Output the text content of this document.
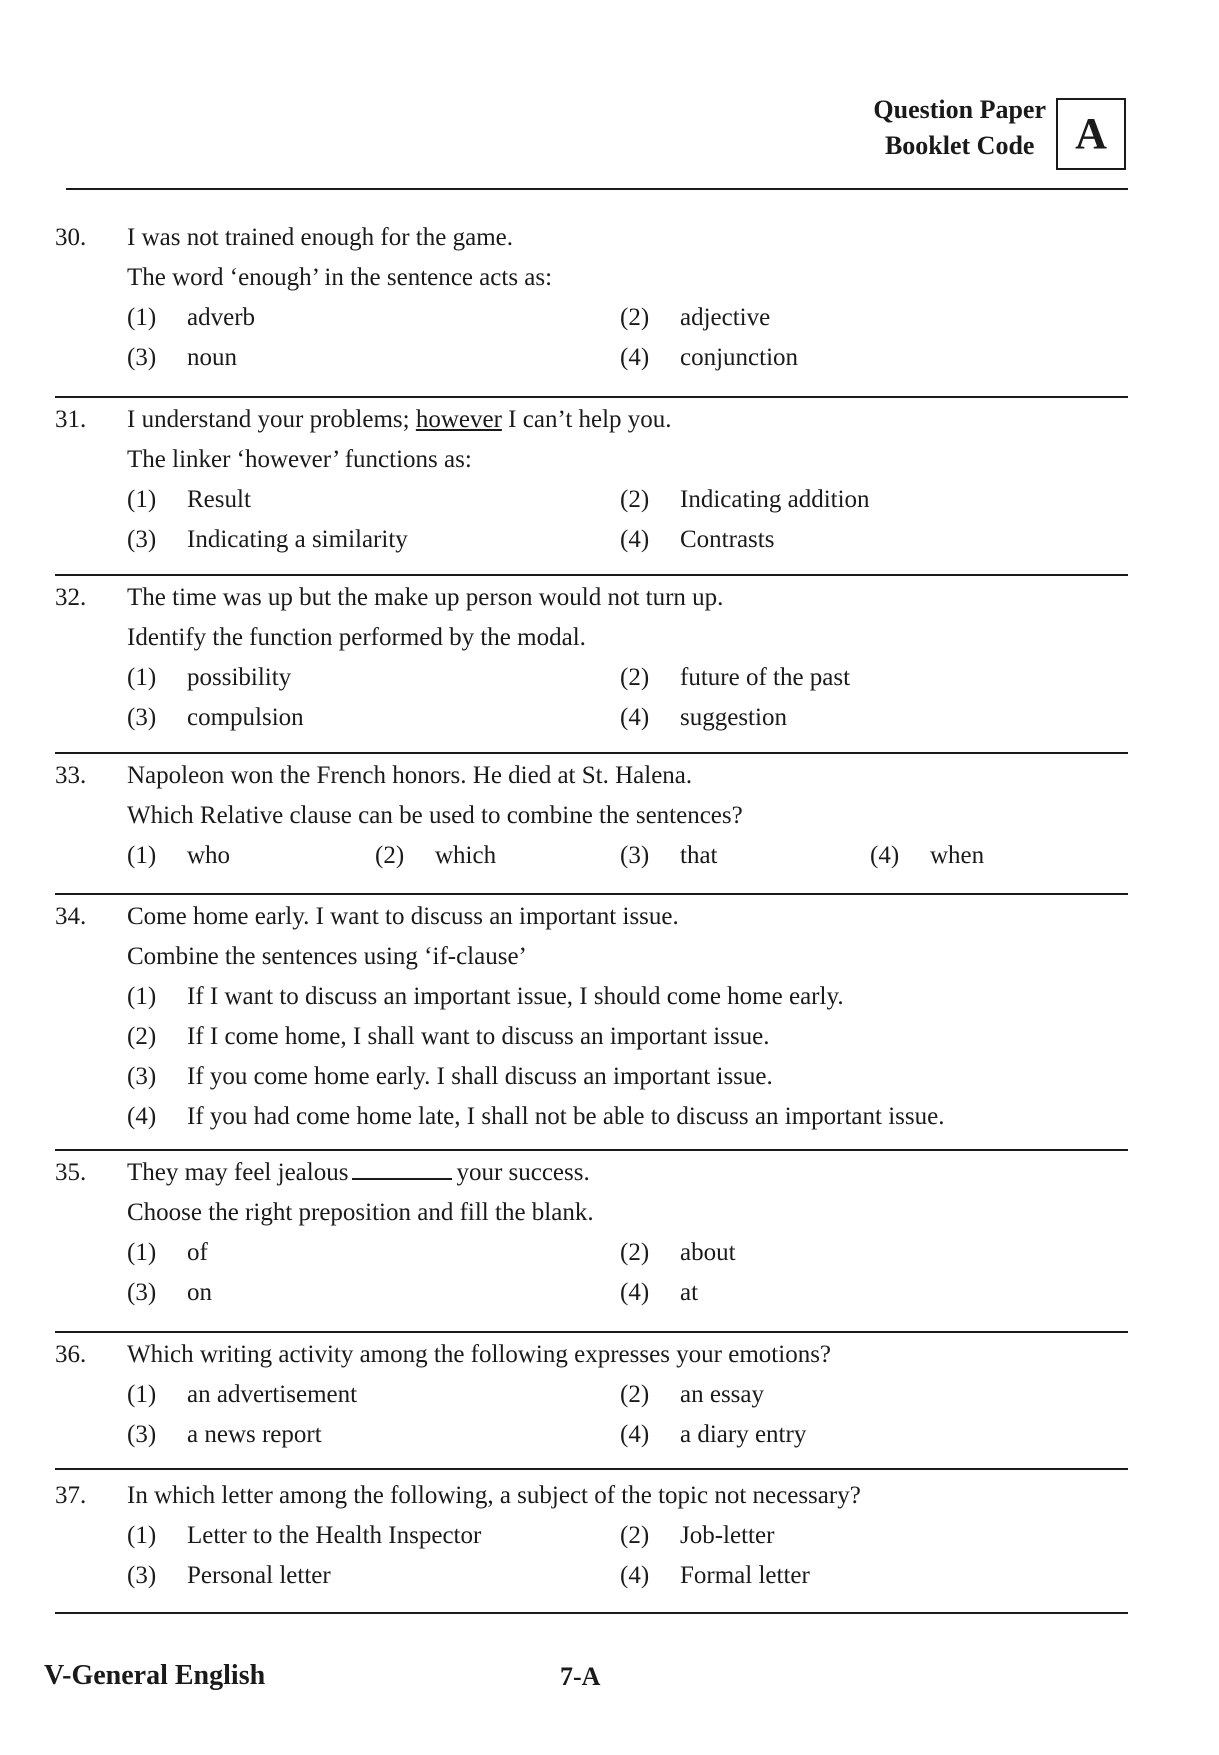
Question Paper
Booklet Code A
30.	I was not trained enough for the game.
The word ‘enough’ in the sentence acts as:
(1) adverb	(2) adjective
(3) noun	(4) conjunction
31.	I understand your problems; however I can’t help you.
The linker ‘however’ functions as:
(1) Result	(2) Indicating addition
(3) Indicating a similarity	(4) Contrasts
32.	The time was up but the make up person would not turn up.
Identify the function performed by the modal.
(1) possibility	(2) future of the past
(3) compulsion	(4) suggestion
33.	Napoleon won the French honors. He died at St. Halena.
Which Relative clause can be used to combine the sentences?
(1) who	(2) which	(3) that	(4) when
34.	Come home early. I want to discuss an important issue.
Combine the sentences using ‘if-clause’
(1) If I want to discuss an important issue, I should come home early.
(2) If I come home, I shall want to discuss an important issue.
(3) If you come home early. I shall discuss an important issue.
(4) If you had come home late, I shall not be able to discuss an important issue.
35.	They may feel jealous	your success.
Choose the right preposition and fill the blank.
(1) of	(2) about
(3) on	(4) at
36.	Which writing activity among the following expresses your emotions?
(1) an advertisement	(2) an essay
(3) a news report	(4) a diary entry
37.	In which letter among the following, a subject of the topic not necessary?
(1) Letter to the Health Inspector	(2) Job-letter
(3) Personal letter	(4) Formal letter
V-General English	7-A
